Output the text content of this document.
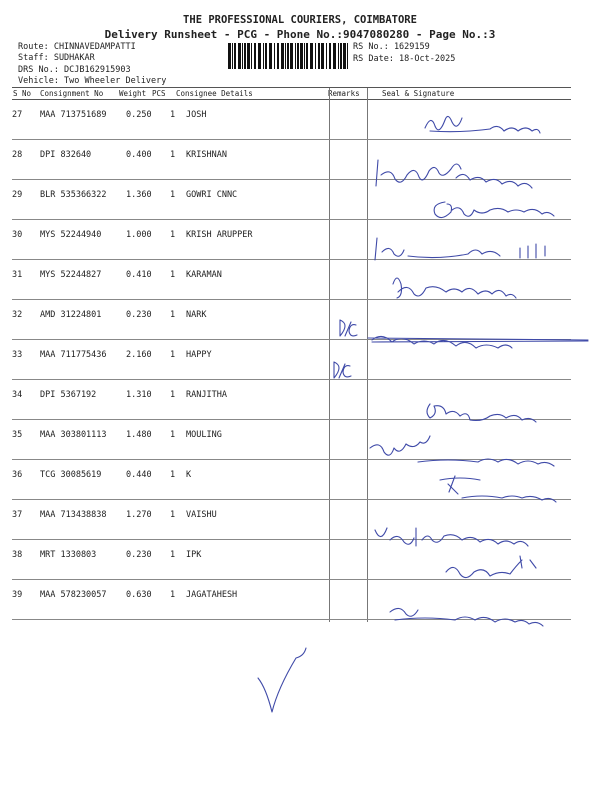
THE PROFESSIONAL COURIERS, COIMBATORE
Delivery Runsheet - PCG - Phone No.:9047080280 - Page No.:3
Route: CHINNAVEDAMPATTI
Staff: SUDHAKAR
DRS No.: DCJB162915903
Vehicle: Two Wheeler Delivery
RS No.: 1629159
RS Date: 18-Oct-2025
S No Consignment No Weight PCS Consignee Details	Remarks	Seal & Signature
27 MAA 713751689 0.250 1 JOSH
28 DPI 832640	0.400 1 KRISHNAN
29 BLR 535366322 1.360 1 GOWRI CNNC
30 MYS 52244940	1.000 1 KRISH ARUPPER
31 MYS 52244827	0.410 1 KARAMAN
32 AMD 31224801	0.230 1 NARK
33 MAA 711775436 2.160 1 HAPPY
34 DPI 5367192	1.310 1 RANJITHA
35 MAA 303801113 1.480 1 MOULING
36 TCG 30085619	0.440 1 K
37 MAA 713438838 1.270 1 VAISHU
38 MRT 1330803	0.230 1 IPK
39 MAA 578230057 0.630 1 JAGATAHESH
